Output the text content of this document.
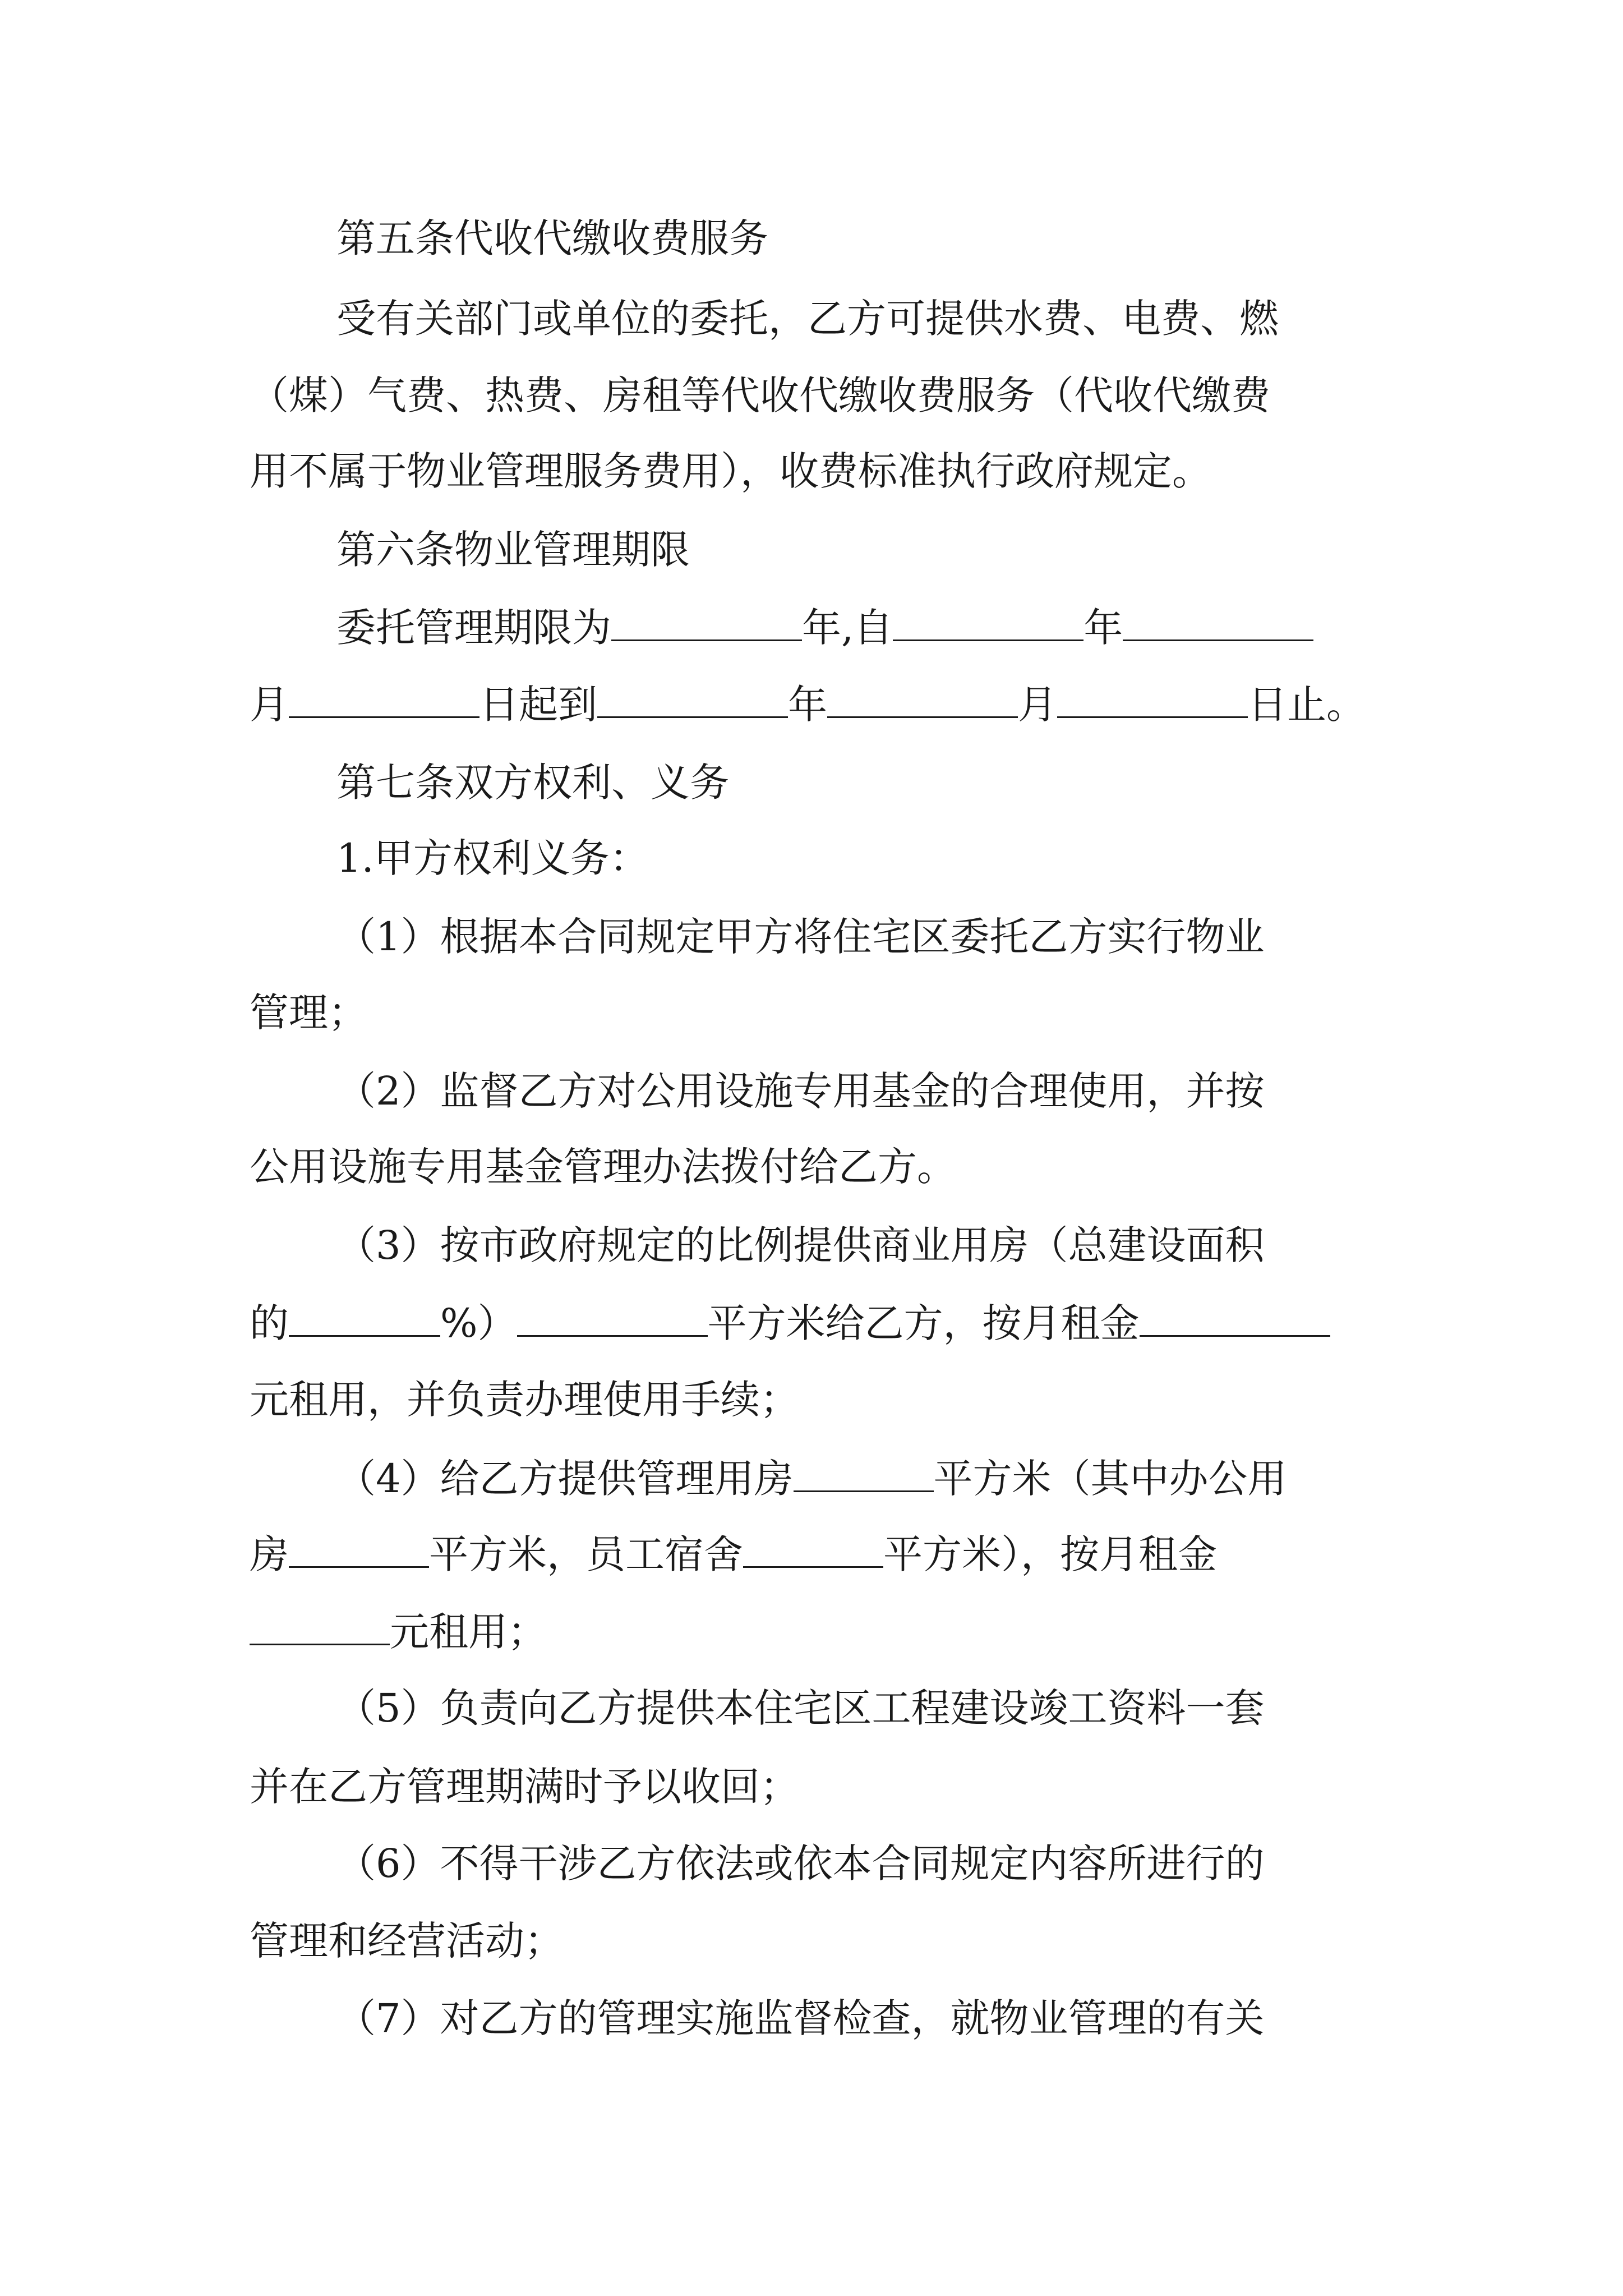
第五条代收代缴收费服务
受有关部门或单位的委托，乙方可提供水费、电费、燃
（煤）气费、热费、房租等代收代缴收费服务（代收代缴费
用不属于物业管理服务费用），收费标准执行政府规定。
第六条物业管理期限
委托管理期限为	年,自	年
月	日起到	年	月	日止。
第七条双方权利、义务
1.甲方权利义务：
（1）根据本合同规定甲方将住宅区委托乙方实行物业
管理；
（2）监督乙方对公用设施专用基金的合理使用，并按
公用设施专用基金管理办法拨付给乙方。
（3）按市政府规定的比例提供商业用房（总建设面积
的	%）	平方米给乙方，按月租金
元租用，并负责办理使用手续；
（4）给乙方提供管理用房	平方米（其中办公用
房	平方米，员工宿舍	平方米），按月租金
元租用；
（5）负责向乙方提供本住宅区工程建设竣工资料一套
并在乙方管理期满时予以收回；
（6）不得干涉乙方依法或依本合同规定内容所进行的
管理和经营活动；
（7）对乙方的管理实施监督检查，就物业管理的有关
